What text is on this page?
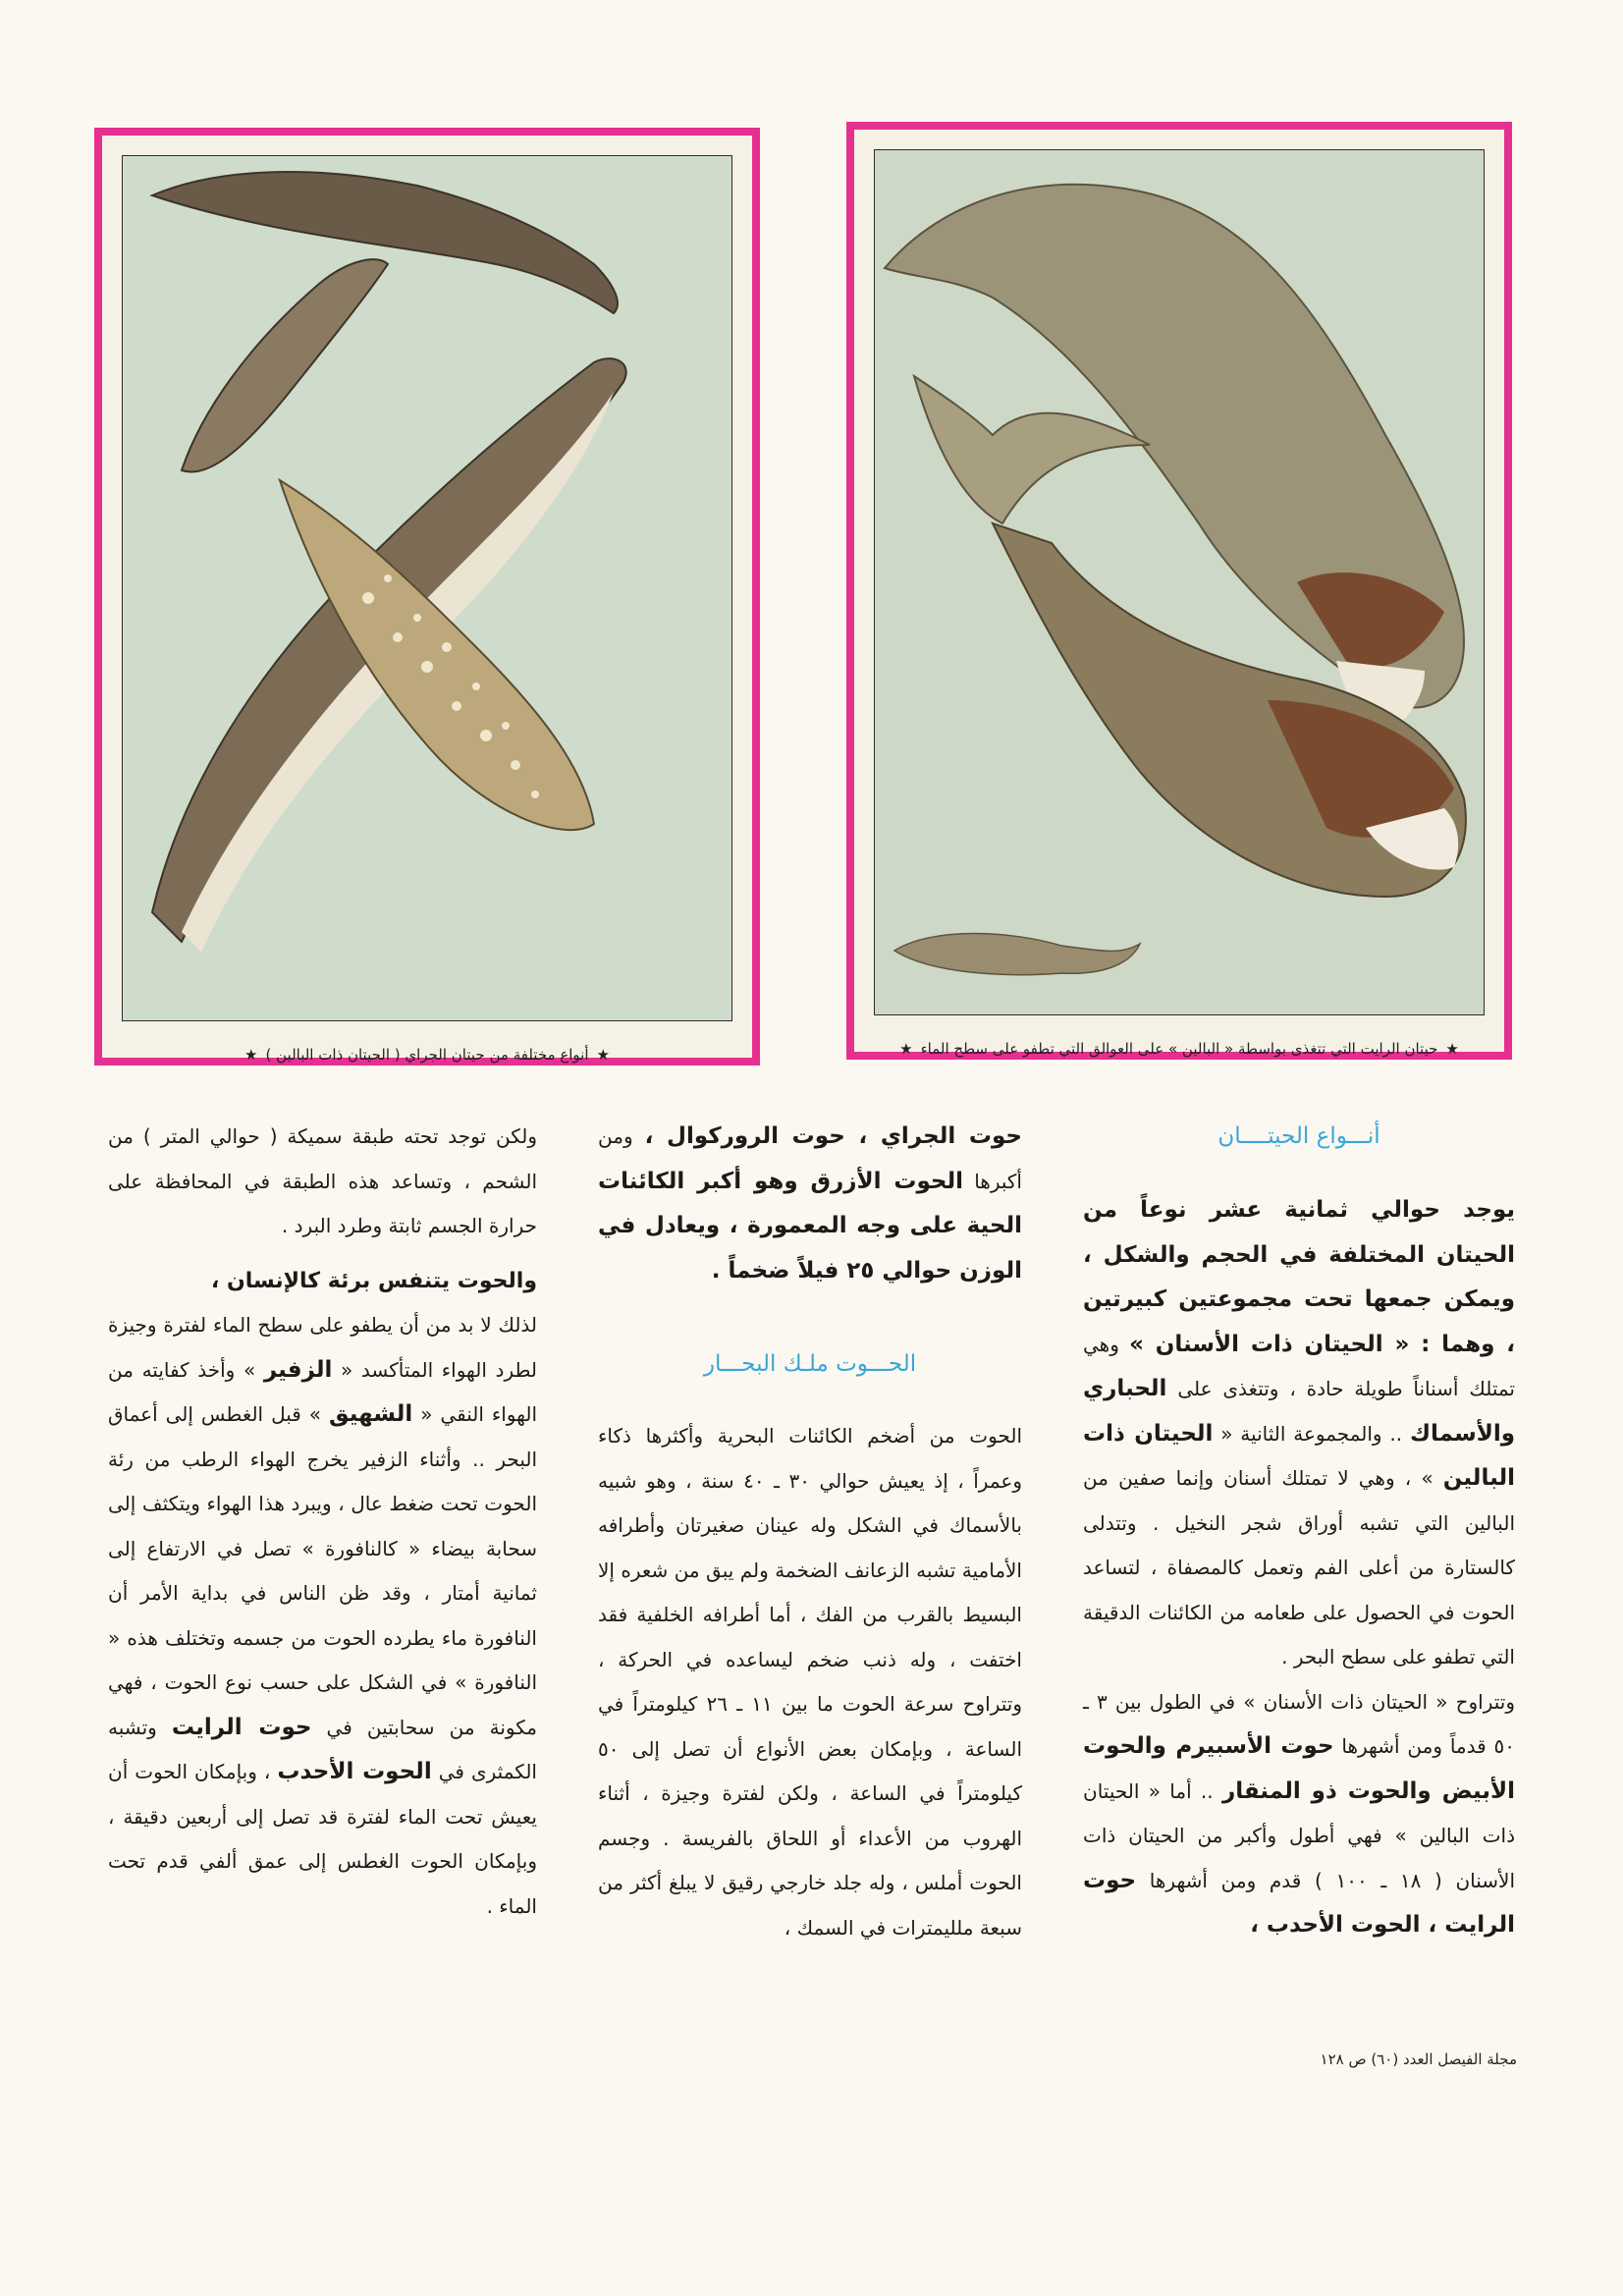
★
حيتان الرايت التي تتغذى بواسطة « البالين » على العوالق التي تطفو على سطح الماء
★
★
أنواع مختلفة من حيتان الجراي ( الحيتان ذات البالين )
★
أنـــواع الحيتــــان

يوجد حوالي ثمانية عشر نوعاً من الحيتان المختلفة في الحجم والشكل ، ويمكن جمعها تحت مجموعتين كبيرتين ، وهما : « الحيتان ذات الأسنان » وهي تمتلك أسناناً طويلة حادة ، وتتغذى على الحباري والأسماك .. والمجموعة الثانية « الحيتان ذات البالين » ، وهي لا تمتلك أسنان وإنما صفين من البالين التي تشبه أوراق شجر النخيل . وتتدلى كالستارة من أعلى الفم وتعمل كالمصفاة ، لتساعد الحوت في الحصول على طعامه من الكائنات الدقيقة التي تطفو على سطح البحر .

وتتراوح « الحيتان ذات الأسنان » في الطول بين ٣ ـ ٥٠ قدماً ومن أشهرها حوت الأسبيرم والحوت الأبيض والحوت ذو المنقار .. أما « الحيتان ذات البالين » فهي أطول وأكبر من الحيتان ذات الأسنان ( ١٨ ـ ١٠٠ ) قدم ومن أشهرها حوت الرايت ، الحوت الأحدب ،

حوت الجراي ، حوت الروركوال ، ومن أكبرها الحوت الأزرق وهو أكبر الكائنات الحية على وجه المعمورة ، ويعادل في الوزن حوالي ٢٥ فيلاً ضخماً .

الحـــوت ملـك البحـــار

الحوت من أضخم الكائنات البحرية وأكثرها ذكاء وعمراً ، إذ يعيش حوالي ٣٠ ـ ٤٠ سنة ، وهو شبيه بالأسماك في الشكل وله عينان صغيرتان وأطرافه الأمامية تشبه الزعانف الضخمة ولم يبق من شعره إلا البسيط بالقرب من الفك ، أما أطرافه الخلفية فقد اختفت ، وله ذنب ضخم ليساعده في الحركة ، وتتراوح سرعة الحوت ما بين ١١ ـ ٢٦ كيلومتراً في الساعة ، وبإمكان بعض الأنواع أن تصل إلى ٥٠ كيلومتراً في الساعة ، ولكن لفترة وجيزة ، أثناء الهروب من الأعداء أو اللحاق بالفريسة . وجسم الحوت أملس ، وله جلد خارجي رقيق لا يبلغ أكثر من سبعة ملليمترات في السمك ،

ولكن توجد تحته طبقة سميكة ( حوالي المتر ) من الشحم ، وتساعد هذه الطبقة في المحافظة على حرارة الجسم ثابتة وطرد البرد .

والحوت يتنفس برئة كالإنسان ،

لذلك لا بد من أن يطفو على سطح الماء لفترة وجيزة لطرد الهواء المتأكسد « الزفير » وأخذ كفايته من الهواء النقي « الشهيق » قبل الغطس إلى أعماق البحر .. وأثناء الزفير يخرج الهواء الرطب من رئة الحوت تحت ضغط عال ، ويبرد هذا الهواء ويتكثف إلى سحابة بيضاء « كالنافورة » تصل في الارتفاع إلى ثمانية أمتار ، وقد ظن الناس في بداية الأمر أن النافورة ماء يطرده الحوت من جسمه وتختلف هذه « النافورة » في الشكل على حسب نوع الحوت ، فهي مكونة من سحابتين في حوت الرايت وتشبه الكمثرى في الحوت الأحدب ، وبإمكان الحوت أن يعيش تحت الماء لفترة قد تصل إلى أربعين دقيقة ، وبإمكان الحوت الغطس إلى عمق ألفي قدم تحت الماء .

مجلة الفيصل العدد (٦٠) ص ١٢٨
